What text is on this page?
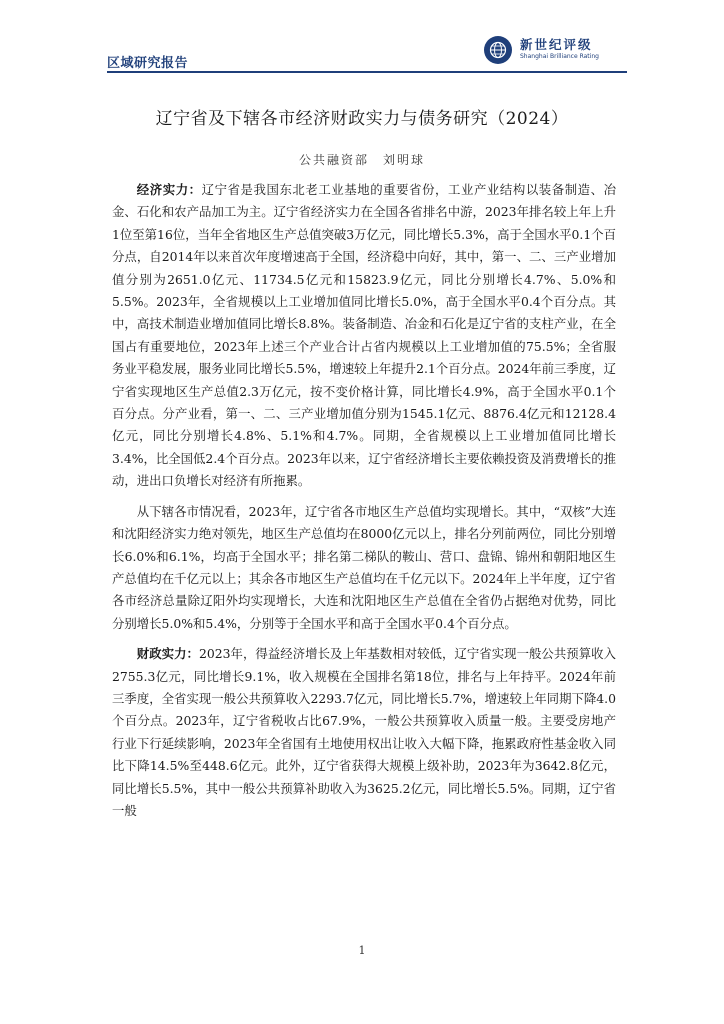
区域研究报告
新世纪评级
Shanghai Brilliance Rating
辽宁省及下辖各市经济财政实力与债务研究（2024）
公共融资部　刘明球

经济实力：辽宁省是我国东北老工业基地的重要省份，工业产业结构以装备制造、冶金、石化和农产品加工为主。辽宁省经济实力在全国各省排名中游，2023年排名较上年上升1位至第16位，当年全省地区生产总值突破3万亿元，同比增长5.3%，高于全国水平0.1个百分点，自2014年以来首次年度增速高于全国，经济稳中向好，其中，第一、二、三产业增加值分别为2651.0亿元、11734.5亿元和15823.9亿元，同比分别增长4.7%、5.0%和5.5%。2023年，全省规模以上工业增加值同比增长5.0%，高于全国水平0.4个百分点。其中，高技术制造业增加值同比增长8.8%。装备制造、冶金和石化是辽宁省的支柱产业，在全国占有重要地位，2023年上述三个产业合计占省内规模以上工业增加值的75.5%；全省服务业平稳发展，服务业同比增长5.5%，增速较上年提升2.1个百分点。2024年前三季度，辽宁省实现地区生产总值2.3万亿元，按不变价格计算，同比增长4.9%，高于全国水平0.1个百分点。分产业看，第一、二、三产业增加值分别为1545.1亿元、8876.4亿元和12128.4亿元，同比分别增长4.8%、5.1%和4.7%。同期，全省规模以上工业增加值同比增长3.4%，比全国低2.4个百分点。2023年以来，辽宁省经济增长主要依赖投资及消费增长的推动，进出口负增长对经济有所拖累。

从下辖各市情况看，2023年，辽宁省各市地区生产总值均实现增长。其中，“双核”大连和沈阳经济实力绝对领先，地区生产总值均在8000亿元以上，排名分列前两位，同比分别增长6.0%和6.1%，均高于全国水平；排名第二梯队的鞍山、营口、盘锦、锦州和朝阳地区生产总值均在千亿元以上；其余各市地区生产总值均在千亿元以下。2024年上半年度，辽宁省各市经济总量除辽阳外均实现增长，大连和沈阳地区生产总值在全省仍占据绝对优势，同比分别增长5.0%和5.4%，分别等于全国水平和高于全国水平0.4个百分点。

财政实力：2023年，得益经济增长及上年基数相对较低，辽宁省实现一般公共预算收入2755.3亿元，同比增长9.1%，收入规模在全国排名第18位，排名与上年持平。2024年前三季度，全省实现一般公共预算收入2293.7亿元，同比增长5.7%，增速较上年同期下降4.0个百分点。2023年，辽宁省税收占比67.9%，一般公共预算收入质量一般。主要受房地产行业下行延续影响，2023年全省国有土地使用权出让收入大幅下降，拖累政府性基金收入同比下降14.5%至448.6亿元。此外，辽宁省获得大规模上级补助，2023年为3642.8亿元，同比增长5.5%，其中一般公共预算补助收入为3625.2亿元，同比增长5.5%。同期，辽宁省一般

1
